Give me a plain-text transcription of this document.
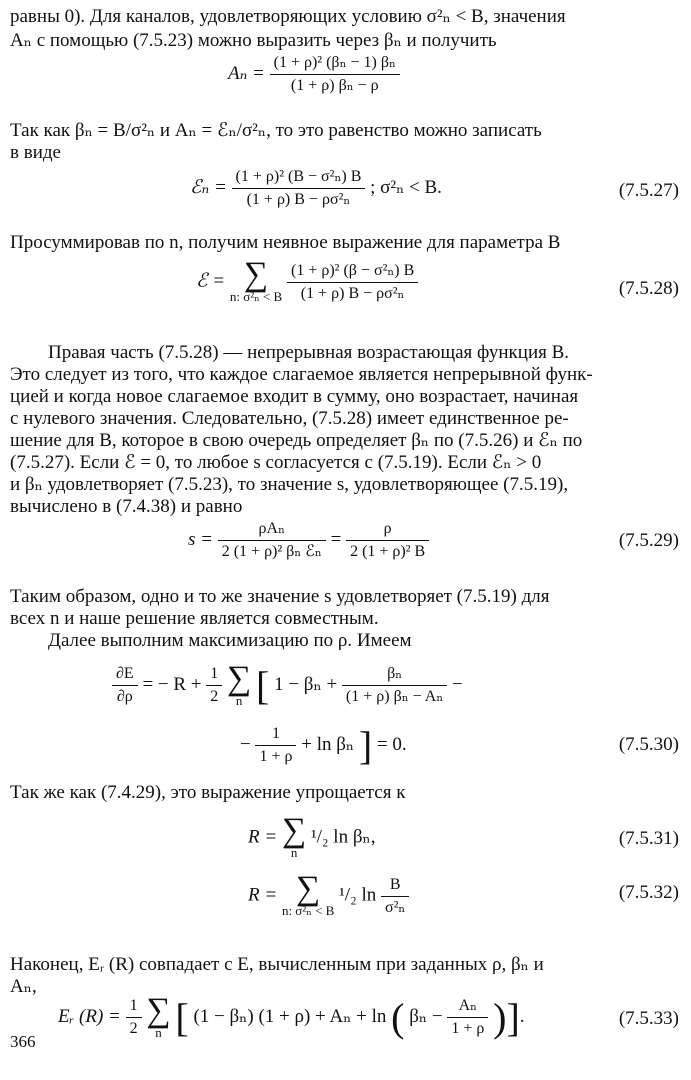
равны 0). Для каналов, удовлетворяющих условию σ²ₙ < B, значения
Aₙ с помощью (7.5.23) можно выразить через βₙ и получить
$A_n = \frac{\text{(1 + ρ)² (βₙ − 1) βₙ}}{\text{(1 + ρ) βₙ − ρ}}$
Так как βₙ = B/σ²ₙ и Aₙ = ℰₙ/σ²ₙ, то это равенство можно записать
в виде
ℰₙ = $\frac{\text{(1 + ρ)² (B − σ²ₙ) B}}{\text{(1 + ρ) B − ρσ²ₙ}}$ ; σ²ₙ < B.	(7.5.27)
Просуммировав по n, получим неявное выражение для параметра B
ℰ = ∑
n: σ²ₙ < B
$\frac{\text{(1 + ρ)² (β − σ²ₙ) B}}{\text{(1 + ρ) B − ρσ²ₙ}}$	(7.5.28)
Правая часть (7.5.28) — непрерывная возрастающая функция B.
Это следует из того, что каждое слагаемое является непрерывной функ-
цией и когда новое слагаемое входит в сумму, оно возрастает, начиная
с нулевого значения. Следовательно, (7.5.28) имеет единственное ре-
шение для B, которое в свою очередь определяет βₙ по (7.5.26) и ℰₙ по
(7.5.27). Если ℰ = 0, то любое s согласуется с (7.5.19). Если ℰₙ > 0
и βₙ удовлетворяет (7.5.23), то значение s, удовлетворяющее (7.5.19),
вычислено в (7.4.38) и равно
$s = \frac{\text{ρAₙ}}{\text{2 (1 + ρ)² βₙ ℰₙ}} = \frac{\rho}{\text{2 (1 + ρ)² B}}$	(7.5.29)
Таким образом, одно и то же значение s удовлетворяет (7.5.19) для
всех n и наше решение является совместным.
Далее выполним максимизацию по ρ. Имеем
$\frac{\partial E}{\partial\rho}$ = − $R + \frac{1}{2}$
∑
n [ $1 - \beta_n + \frac{\text{βₙ}}{\text{(1 + ρ) βₙ − Aₙ}}$ −
− $\frac{1}{1 + \rho} + \ln \beta_n$ ] = 0.	(7.5.30)
Так же как (7.4.29), это выражение упрощается к
R = ∑
n
¹/₂ ln βₙ,	(7.5.31)
R = ∑
n: σ²ₙ < B
¹/₂ $\ln \frac{B}{\text{σ²ₙ}}$	(7.5.32)
Наконец, Eᵣ (R) совпадает с E, вычисленным при заданных ρ, βₙ и
Aₙ,
Eᵣ $(R) = \frac{1}{2}$
∑
n [ (1 − βₙ) (1 + ρ) + Aₙ + ln ( $\beta_n - \frac{\text{Aₙ}}{1 + \rho}$ )].	(7.5.33)
366
